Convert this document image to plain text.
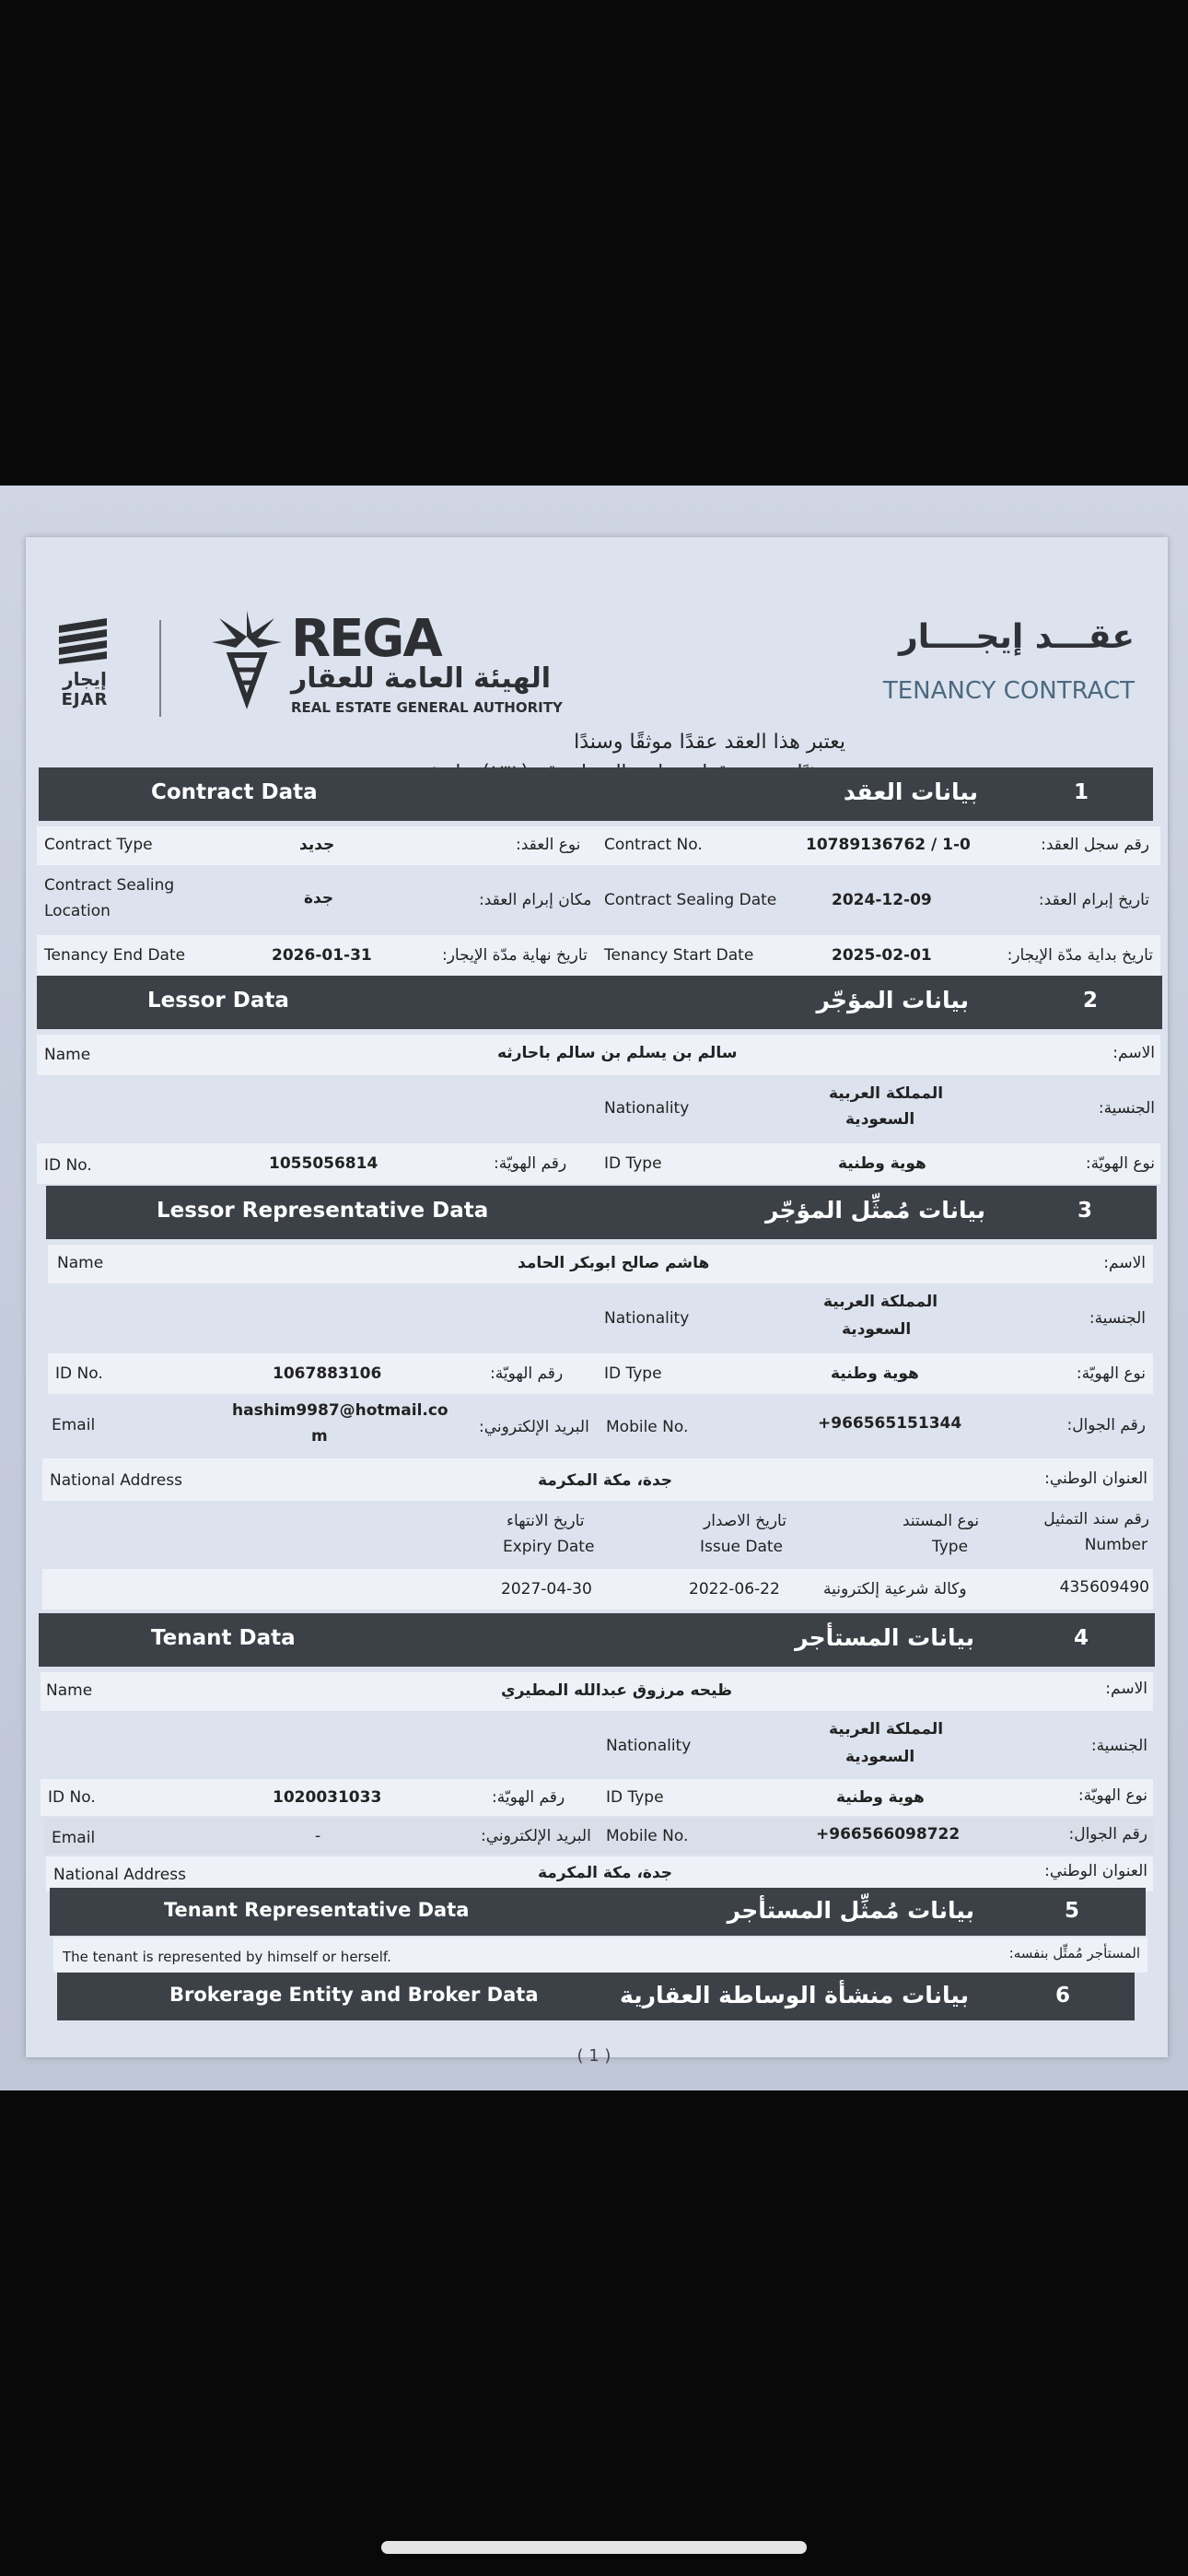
إيجار
EJAR
REGA
الهيئة العامة للعقار
REAL ESTATE GENERAL AUTHORITY
عقـــد إيجــــار
TENANCY CONTRACT
يعتبر هذا العقد عقدًا موثقًا وسندًا
Contract Data	بيانات العقد	1
Contract Type	جديد	نوع العقد: Contract No.	10789136762 / 1-0	رقم سجل العقد:
Contract Sealing
Location
جدة	مكان إبرام العقد: Contract Sealing Date	2024-12-09	تاريخ إبرام العقد:
Tenancy End Date	2026-01-31	تاريخ نهاية مدّة الإيجار: Tenancy Start Date	2025-02-01	تاريخ بداية مدّة الإيجار:
Lessor Data	بيانات المؤجّر	2
Name	سالم بن يسلم بن سالم باحارثه	الاسم:
Nationality
المملكة العربية
السعودية
الجنسية:
ID No.	1055056814	رقم الهويّة: ID Type	هوية وطنية	نوع الهويّة:
Lessor Representative Data	بيانات مُمثِّل المؤجّر	3
Name	هاشم صالح ابوبكر الحامد	الاسم:
Nationality
المملكة العربية
السعودية
الجنسية:
ID No.	1067883106	رقم الهويّة:	ID Type	هوية وطنية	نوع الهويّة:
Email
hashim9987@hotmail.co
m	البريد الإلكتروني: Mobile No.	+966565151344	رقم الجوال:
National Address	جدة، مكة المكرمة	العنوان الوطني:
تاريخ الانتهاء
Expiry Date
تاريخ الاصدار
Issue Date
نوع المستند
Type
رقم سند التمثيل
Number
2027-04-30	2022-06-22	وكالة شرعية إلكترونية	435609490
Tenant Data	بيانات المستأجر	4
Name	ظيحه مرزوق عبدالله المطيري	الاسم:
Nationality
المملكة العربية
السعودية
الجنسية:
ID No.	1020031033	رقم الهويّة:	ID Type	هوية وطنية	نوع الهويّة:
Email	-	البريد الإلكتروني: Mobile No.	+966566098722	رقم الجوال:
National Address	جدة، مكة المكرمة	العنوان الوطني:
Tenant Representative Data	بيانات مُمثِّل المستأجر	5
The tenant is represented by himself or herself.	المستأجر مُمثِّل بنفسه:
Brokerage Entity and Broker Data	بيانات منشأة الوساطة العقارية	6
( 1 )
